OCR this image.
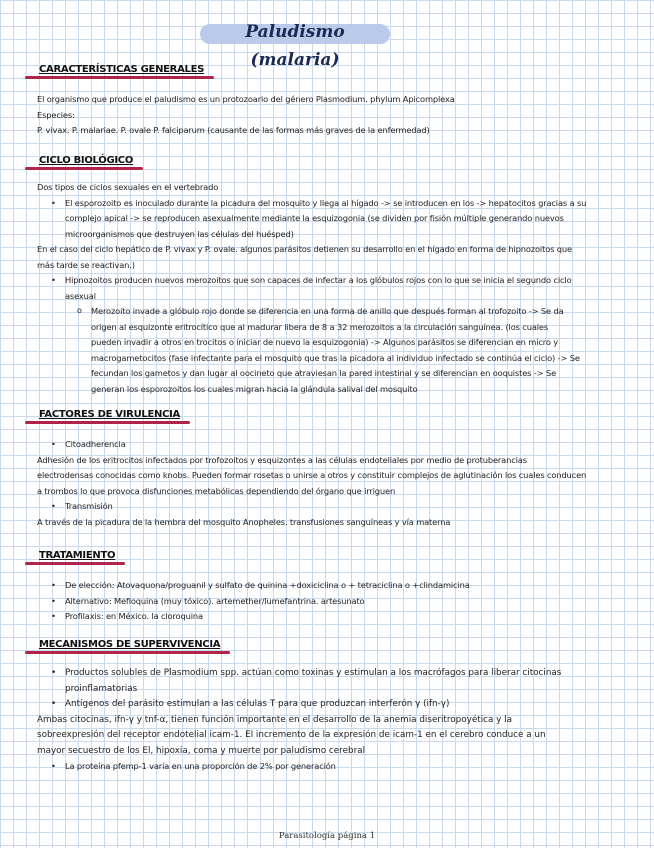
Paludismo (malaria)
CARACTERÍSTICAS GENERALES
El organismo que produce el paludismo es un protozoario del género Plasmodium. phylum Apicomplexa
Especies:
P. vivax. P. malariae. P. ovale P. falciparum (causante de las formas más graves de la enfermedad)
CICLO BIOLÓGICO
Dos tipos de ciclos sexuales en el vertebrado
• El esporozoito es inoculado durante la picadura del mosquito y llega al hígado -> se introducen en los -> hepatocitos gracias a su
complejo apical -> se reproducen asexualmente mediante la esquizogonia (se dividen por fisión múltiple generando nuevos
microorganismos que destruyen las células del huésped)
En el caso del ciclo hepático de P. vivax y P. ovale. algunos parásitos detienen su desarrollo en el hígado en forma de hipnozoitos que
más tarde se reactivan.)
• Hipnozoitos producen nuevos merozoitos que son capaces de infectar a los glóbulos rojos con lo que se inicia el segundo ciclo
asexual
o Merozoito invade a glóbulo rojo donde se diferencia en una forma de anillo que después forman al trofozoito -> Se da
origen al esquizonte eritrocítico que al madurar libera de 8 a 32 merozoitos a la circulación sanguínea. (los cuales
pueden invadir a otros en trocitos o iniciar de nuevo la esquizogonia) -> Algunos parásitos se diferencian en micro y
macrogametocitos (fase infectante para el mosquito que tras la picadora al individuo infectado se continúa el ciclo) -> Se
fecundan los gametos y dan lugar al oocineto que atraviesan la pared intestinal y se diferencian en ooquistes -> Se
generan los esporozoitos los cuales migran hacia la glándula salival del mosquito
FACTORES DE VIRULENCIA
• Citoadherencia
Adhesión de los eritrocitos infectados por trofozoitos y esquizontes a las células endoteliales por medio de protuberancias
electrodensas conocidas como knobs. Pueden formar rosetas o unirse a otros y constituir complejos de aglutinación los cuales conducen
a trombos lo que provoca disfunciones metabólicas dependiendo del órgano que irriguen
• Transmisión
A través de la picadura de la hembra del mosquito Anopheles. transfusiones sanguíneas y vía materna
TRATAMIENTO
• De elección: Atovaquona/proguanil y sulfato de quinina +doxiciclina o + tetraciclina o +clindamicina
• Alternativo: Mefloquina (muy tóxico). artemether/lumefantrina. artesunato
• Profilaxis: en México. la cloroquina
MECANISMOS DE SUPERVIVENCIA
• Productos solubles de Plasmodium spp. actúan como toxinas y estimulan a los macrófagos para liberar citocinas
proinflamatorias
• Antígenos del parásito estimulan a las células T para que produzcan interferón γ (ifn-γ)
Ambas citocinas, ifn-γ y tnf-α, tienen función importante en el desarrollo de la anemia diseritropoyética y la
sobreexpresión del receptor endotelial icam-1. El incremento de la expresión de icam-1 en el cerebro conduce a un
mayor secuestro de los El, hipoxia, coma y muerte por paludismo cerebral
• La proteína pfemp-1 varía en una proporción de 2% por generación
Parasitología página 1
